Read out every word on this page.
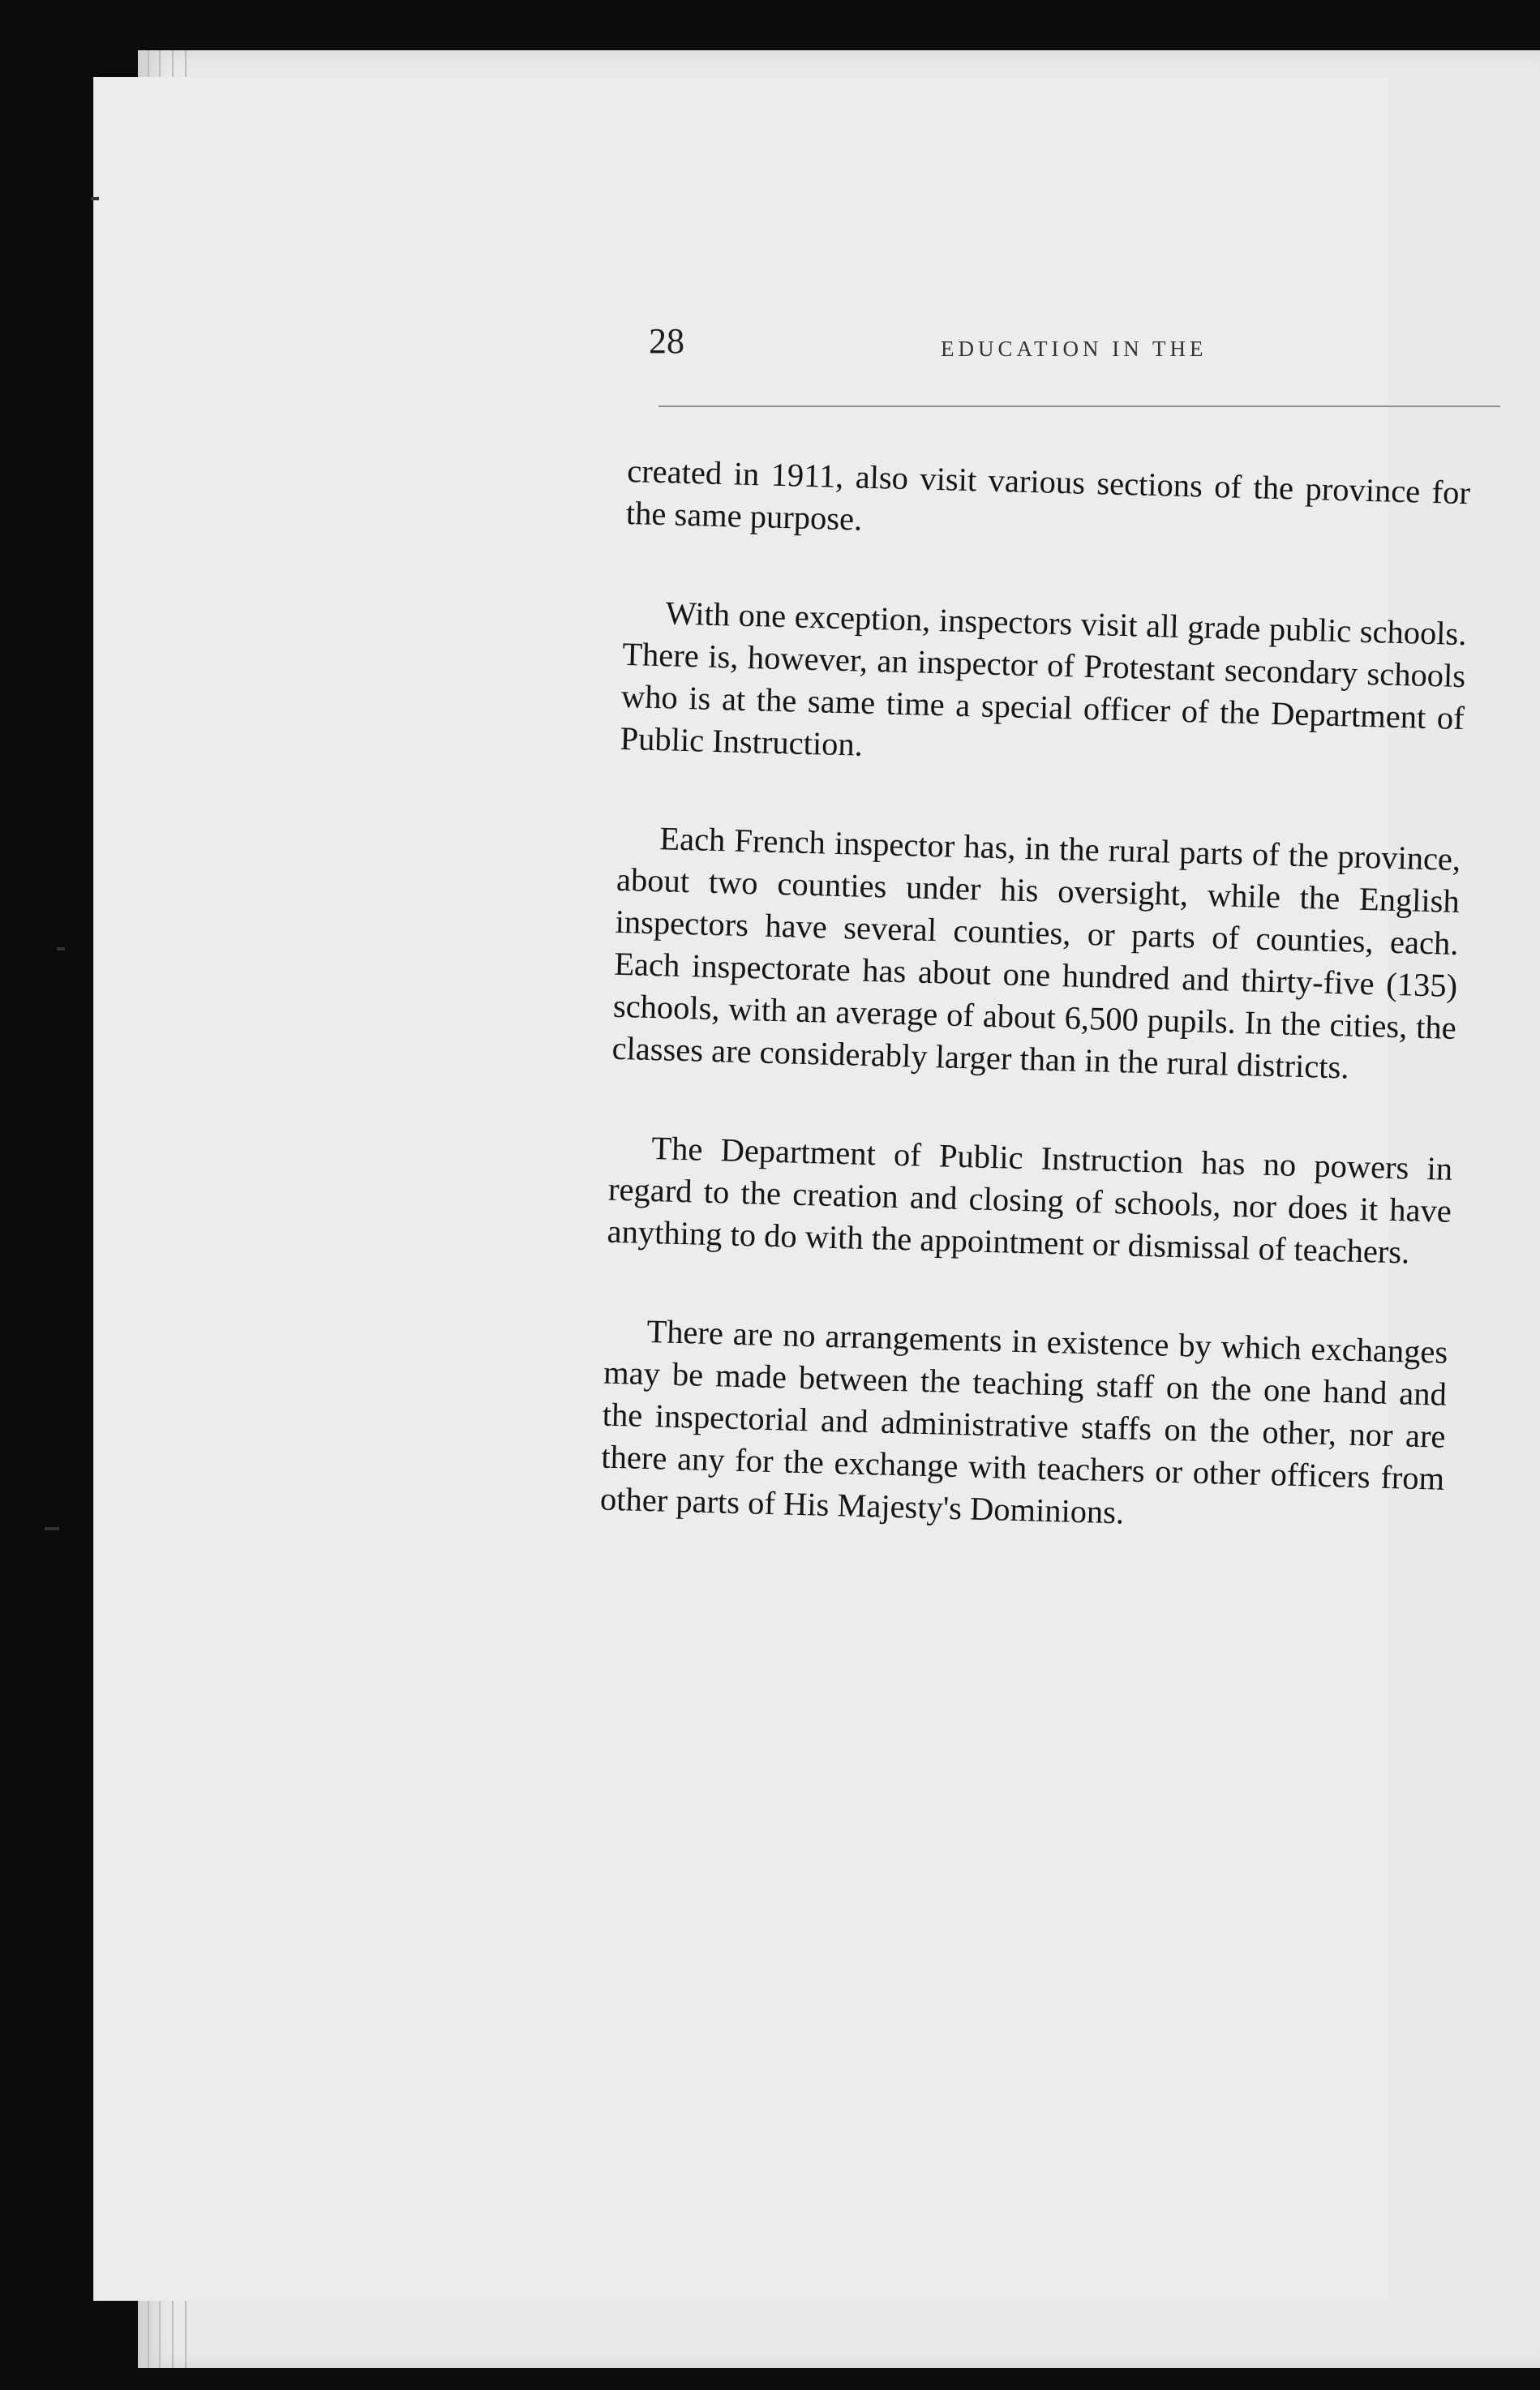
28	EDUCATION IN THE

created in 1911, also visit various sections of the province for the same purpose.

With one exception, inspectors visit all grade public schools. There is, however, an inspector of Protestant secondary schools who is at the same time a special officer of the Department of Public Instruction.

Each French inspector has, in the rural parts of the province, about two counties under his oversight, while the English inspectors have several counties, or parts of counties, each. Each inspectorate has about one hundred and thirty-five (135) schools, with an average of about 6,500 pupils. In the cities, the classes are considerably larger than in the rural districts.

The Department of Public Instruction has no powers in regard to the creation and closing of schools, nor does it have anything to do with the appointment or dismissal of teachers.

There are no arrangements in existence by which exchanges may be made between the teaching staff on the one hand and the inspectorial and administrative staffs on the other, nor are there any for the exchange with teachers or other officers from other parts of His Majesty's Dominions.
